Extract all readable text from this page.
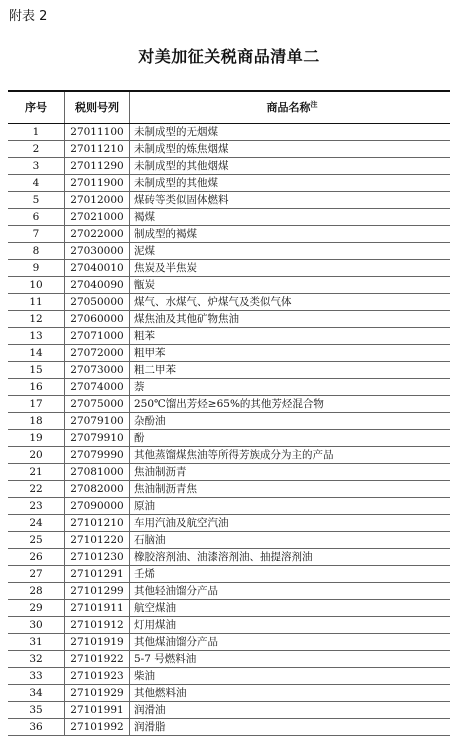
附表 2
对美加征关税商品清单二
序号	税则号列	商品名称$^注$
1	27011100	未制成型的无烟煤
2	27011210	未制成型的炼焦烟煤
3	27011290	未制成型的其他烟煤
4	27011900	未制成型的其他煤
5	27012000	煤砖等类似固体燃料
6	27021000	褐煤
7	27022000	制成型的褐煤
8	27030000	泥煤
9	27040010	焦炭及半焦炭
10	27040090	甑炭
11	27050000	煤气、水煤气、炉煤气及类似气体
12	27060000	煤焦油及其他矿物焦油
13	27071000	粗苯
14	27072000	粗甲苯
15	27073000	粗二甲苯
16	27074000	萘
17	27075000	250℃馏出芳烃≥65%的其他芳烃混合物
18	27079100	杂酚油
19	27079910	酚
20	27079990	其他蒸馏煤焦油等所得芳族成分为主的产品
21	27081000	焦油制沥青
22	27082000	焦油制沥青焦
23	27090000	原油
24	27101210	车用汽油及航空汽油
25	27101220	石脑油
26	27101230	橡胶溶剂油、油漆溶剂油、抽提溶剂油
27	27101291	壬烯
28	27101299	其他轻油馏分产品
29	27101911	航空煤油
30	27101912	灯用煤油
31	27101919	其他煤油馏分产品
32	27101922	5-7 号燃料油
33	27101923	柴油
34	27101929	其他燃料油
35	27101991	润滑油
36	27101992	润滑脂
